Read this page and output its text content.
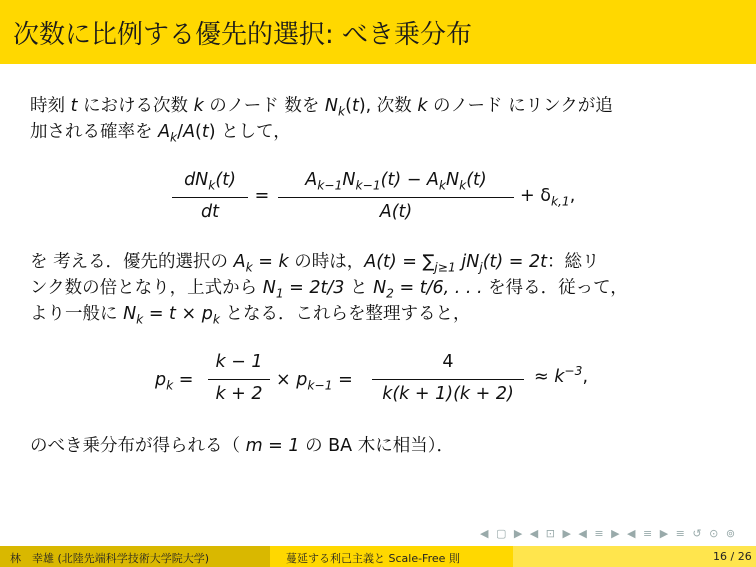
次数に比例する優先的選択: べき乗分布
時刻 t における次数 k のノード 数を $N_k(t)$, 次数 k のノード にリンクが追
加される確率を $A_k/A(t)$ として，
$dN_k(t)$
dt
=
$A_{k-1}N_{k-1}(t) - A_kN_k(t)$
A(t)
+ $\delta_{k,1}$,
を 考える．優先的選択の $A_k = k$ の時は，$A(t) = \sum_{j\ge 1}$ $jN_j(t) = 2t$：総リ
ンク数の倍となり，上式から $N_1 = 2t/3$ と $N_2 = t/6$, . . . を得る．従って，
より一般に $N_k = t \times p_k$ となる．これらを整理すると，
$p_k$ =
k − 1
k + 2
× $p_{k-1}$ =
4
k(k + 1)(k + 2)
≈ $k^{-3}$,
のべき乗分布が得られる（ m = 1 の BA 木に相当）．
◀ ▢ ▶ ◀ ⊡ ▶ ◀ ≡ ▶ ◀ ≡ ▶ ≡ ↺ ⊙ ⊚
林　幸雄 (北陸先端科学技術大学院大学)	蔓延する利己主義と Scale-Free 則	16 / 26
